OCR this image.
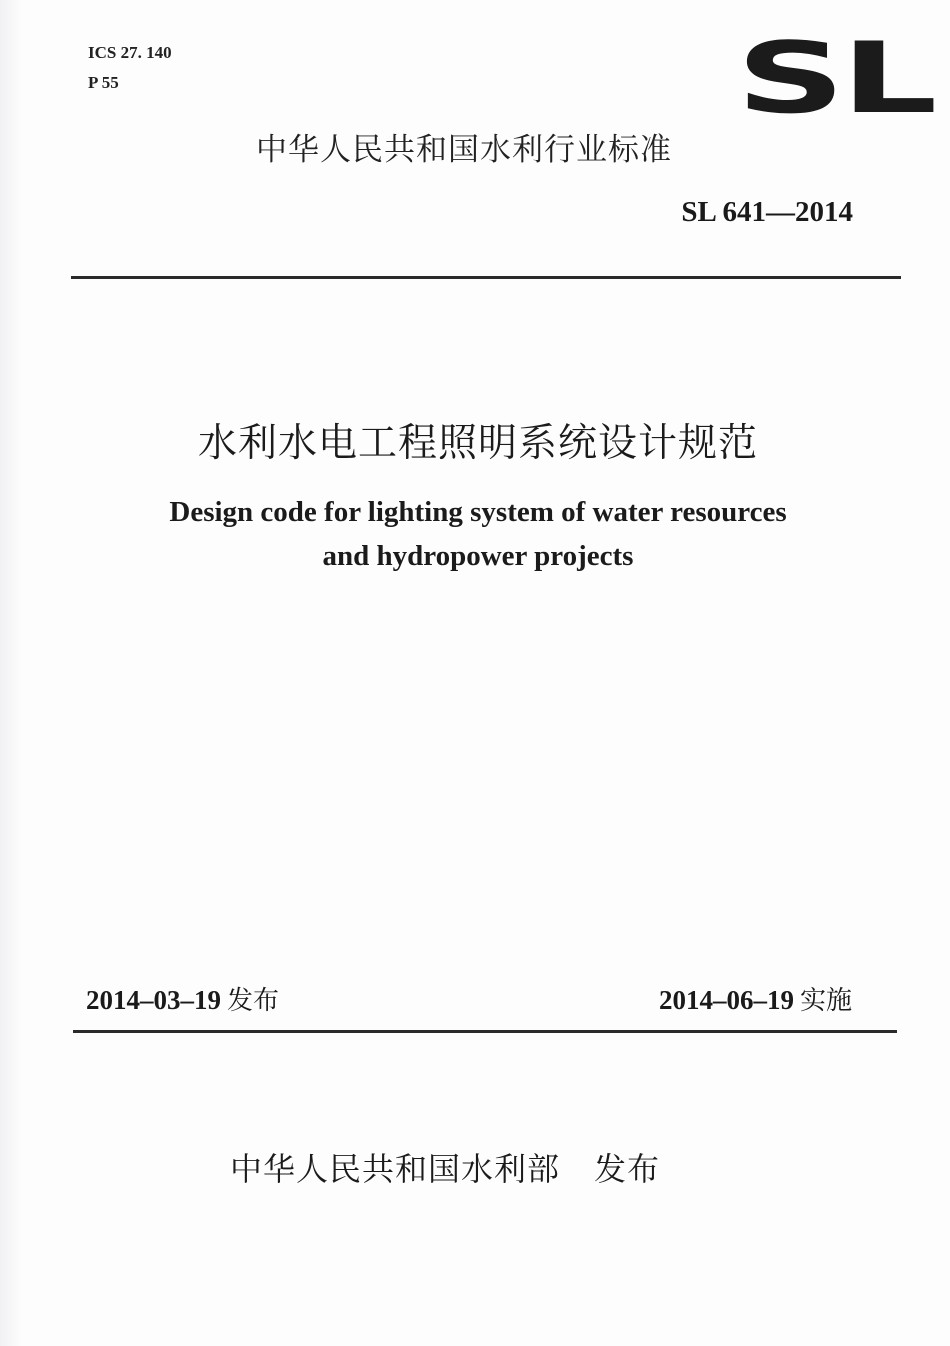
ICS 27. 140
P 55	SL
中华人民共和国水利行业标准
SL 641—2014
水利水电工程照明系统设计规范
Design code for lighting system of water resources
and hydropower projects
2014–03–19 发布	2014–06–19 实施
中华人民共和国水利部 发布
